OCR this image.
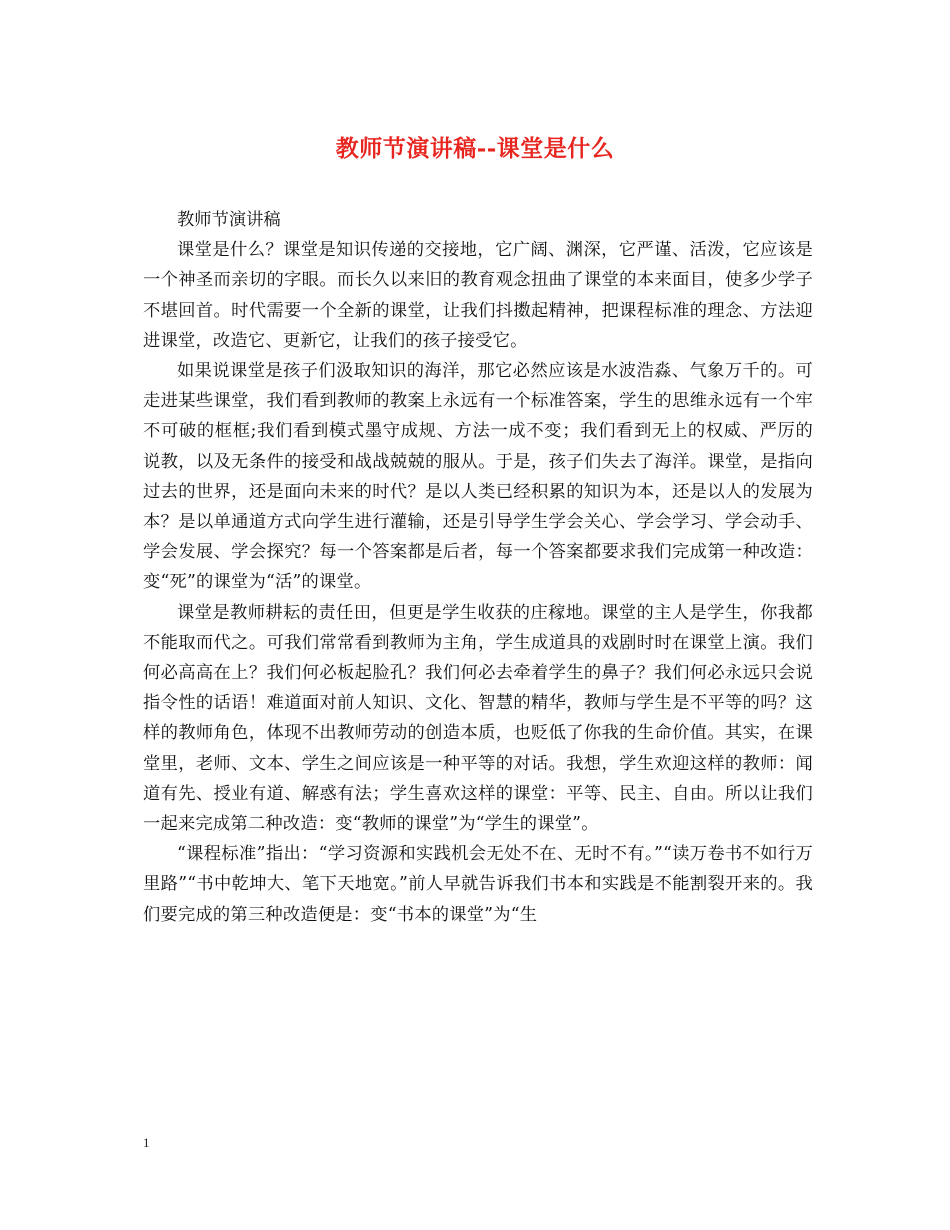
教师节演讲稿--课堂是什么

教师节演讲稿

课堂是什么？课堂是知识传递的交接地，它广阔、渊深，它严谨、活泼，它应该是一个神圣而亲切的字眼。而长久以来旧的教育观念扭曲了课堂的本来面目，使多少学子不堪回首。时代需要一个全新的课堂，让我们抖擞起精神，把课程标准的理念、方法迎进课堂，改造它、更新它，让我们的孩子接受它。

如果说课堂是孩子们汲取知识的海洋，那它必然应该是水波浩淼、气象万千的。可走进某些课堂，我们看到教师的教案上永远有一个标准答案，学生的思维永远有一个牢不可破的框框;我们看到模式墨守成规、方法一成不变；我们看到无上的权威、严厉的说教，以及无条件的接受和战战兢兢的服从。于是，孩子们失去了海洋。课堂，是指向过去的世界，还是面向未来的时代？是以人类已经积累的知识为本，还是以人的发展为本？是以单通道方式向学生进行灌输，还是引导学生学会关心、学会学习、学会动手、学会发展、学会探究？每一个答案都是后者，每一个答案都要求我们完成第一种改造：变“死”的课堂为“活”的课堂。

课堂是教师耕耘的责任田，但更是学生收获的庄稼地。课堂的主人是学生，你我都不能取而代之。可我们常常看到教师为主角，学生成道具的戏剧时时在课堂上演。我们何必高高在上？我们何必板起脸孔？我们何必去牵着学生的鼻子？我们何必永远只会说指令性的话语！难道面对前人知识、文化、智慧的精华，教师与学生是不平等的吗？这样的教师角色，体现不出教师劳动的创造本质，也贬低了你我的生命价值。其实，在课堂里，老师、文本、学生之间应该是一种平等的对话。我想，学生欢迎这样的教师：闻道有先、授业有道、解惑有法；学生喜欢这样的课堂：平等、民主、自由。所以让我们一起来完成第二种改造：变“教师的课堂”为“学生的课堂”。

“课程标准”指出：“学习资源和实践机会无处不在、无时不有。”“读万卷书不如行万里路”“书中乾坤大、笔下天地宽。”前人早就告诉我们书本和实践是不能割裂开来的。我们要完成的第三种改造便是：变“书本的课堂”为“生

1
